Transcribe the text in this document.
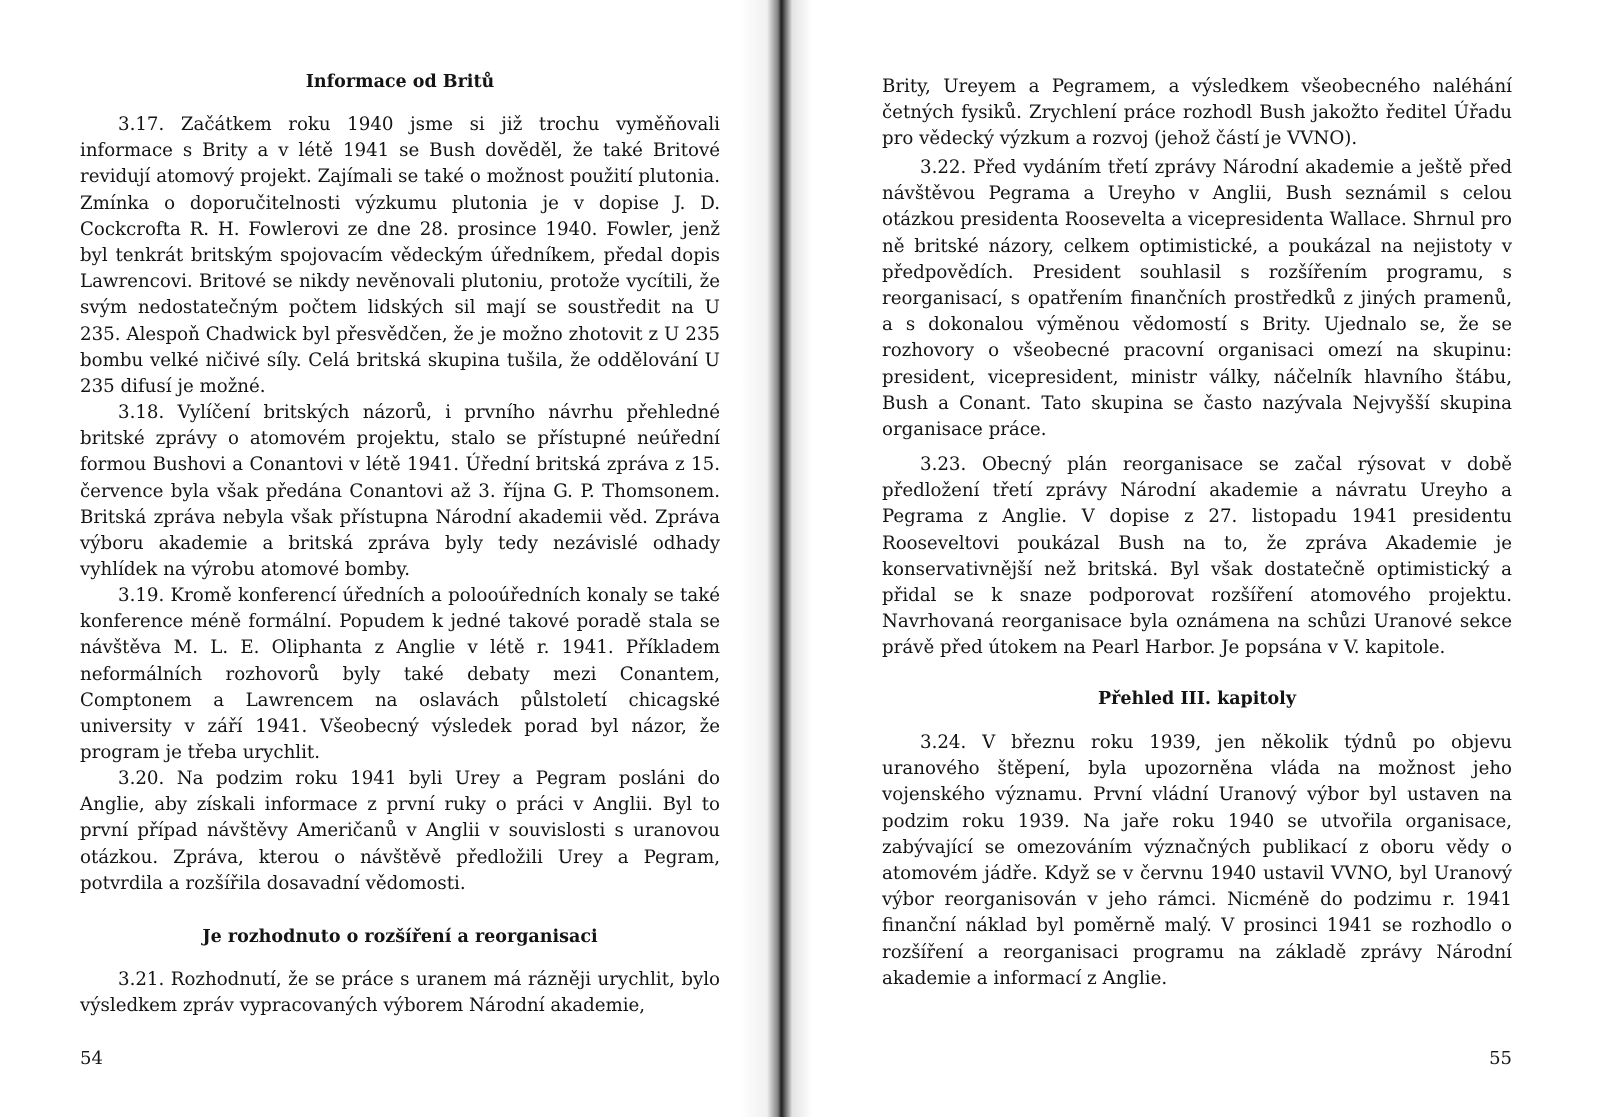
Informace od Britů

3.17. Začátkem roku 1940 jsme si již trochu vyměňovali informace s Brity a v létě 1941 se Bush dověděl, že také Britové revidují atomový projekt. Zajímali se také o možnost použití plutonia. Zmínka o doporučitelnosti výzkumu plutonia je v dopise J. D. Cockcrofta R. H. Fowlerovi ze dne 28. prosince 1940. Fowler, jenž byl tenkrát britským spojovacím vědeckým úředníkem, předal dopis Lawrencovi. Britové se nikdy nevěnovali plutoniu, protože vycítili, že svým nedostatečným počtem lidských sil mají se soustředit na U 235. Alespoň Chadwick byl přesvědčen, že je možno zhotovit z U 235 bombu velké ničivé síly. Celá britská skupina tušila, že oddělování U 235 difusí je možné.

3.18. Vylíčení britských názorů, i prvního návrhu přehledné britské zprávy o atomovém projektu, stalo se přístupné neúřední formou Bushovi a Conantovi v létě 1941. Úřední britská zpráva z 15. července byla však předána Conantovi až 3. října G. P. Thomsonem. Britská zpráva nebyla však přístupna Národní akademii věd. Zpráva výboru akademie a britská zpráva byly tedy nezávislé odhady vyhlídek na výrobu atomové bomby.

3.19. Kromě konferencí úředních a polooúředních konaly se také konference méně formální. Popudem k jedné takové poradě stala se návštěva M. L. E. Oliphanta z Anglie v létě r. 1941. Příkladem neformálních rozhovorů byly také debaty mezi Conantem, Comptonem a Lawrencem na oslavách půlstoletí chicagské university v září 1941. Všeobecný výsledek porad byl názor, že program je třeba urychlit.

3.20. Na podzim roku 1941 byli Urey a Pegram posláni do Anglie, aby získali informace z první ruky o práci v Anglii. Byl to první případ návštěvy Američanů v Anglii v souvislosti s uranovou otázkou. Zpráva, kterou o návštěvě předložili Urey a Pegram, potvrdila a rozšířila dosavadní vědomosti.

Je rozhodnuto o rozšíření a reorganisaci

3.21. Rozhodnutí, že se práce s uranem má rázněji urychlit, bylo výsledkem zpráv vypracovaných výborem Národní akademie,

54

Brity, Ureyem a Pegramem, a výsledkem všeobecného naléhání četných fysiků. Zrychlení práce rozhodl Bush jakožto ředitel Úřadu pro vědecký výzkum a rozvoj (jehož částí je VVNO).

3.22. Před vydáním třetí zprávy Národní akademie a ještě před návštěvou Pegrama a Ureyho v Anglii, Bush seznámil s celou otázkou presidenta Roosevelta a vicepresidenta Wallace. Shrnul pro ně britské názory, celkem optimistické, a poukázal na nejistoty v předpovědích. President souhlasil s rozšířením programu, s reorganisací, s opatřením finančních prostředků z jiných pramenů, a s dokonalou výměnou vědomostí s Brity. Ujednalo se, že se rozhovory o všeobecné pracovní organisaci omezí na skupinu: president, vicepresident, ministr války, náčelník hlavního štábu, Bush a Conant. Tato skupina se často nazývala Nejvyšší skupina organisace práce.

3.23. Obecný plán reorganisace se začal rýsovat v době předložení třetí zprávy Národní akademie a návratu Ureyho a Pegrama z Anglie. V dopise z 27. listopadu 1941 presidentu Rooseveltovi poukázal Bush na to, že zpráva Akademie je konservativnější než britská. Byl však dostatečně optimistický a přidal se k snaze podporovat rozšíření atomového projektu. Navrhovaná reorganisace byla oznámena na schůzi Uranové sekce právě před útokem na Pearl Harbor. Je popsána v V. kapitole.

Přehled III. kapitoly

3.24. V březnu roku 1939, jen několik týdnů po objevu uranového štěpení, byla upozorněna vláda na možnost jeho vojenského významu. První vládní Uranový výbor byl ustaven na podzim roku 1939. Na jaře roku 1940 se utvořila organisace, zabývající se omezováním význačných publikací z oboru vědy o atomovém jádře. Když se v červnu 1940 ustavil VVNO, byl Uranový výbor reorganisován v jeho rámci. Nicméně do podzimu r. 1941 finanční náklad byl poměrně malý. V prosinci 1941 se rozhodlo o rozšíření a reorganisaci programu na základě zprávy Národní akademie a informací z Anglie.

55
